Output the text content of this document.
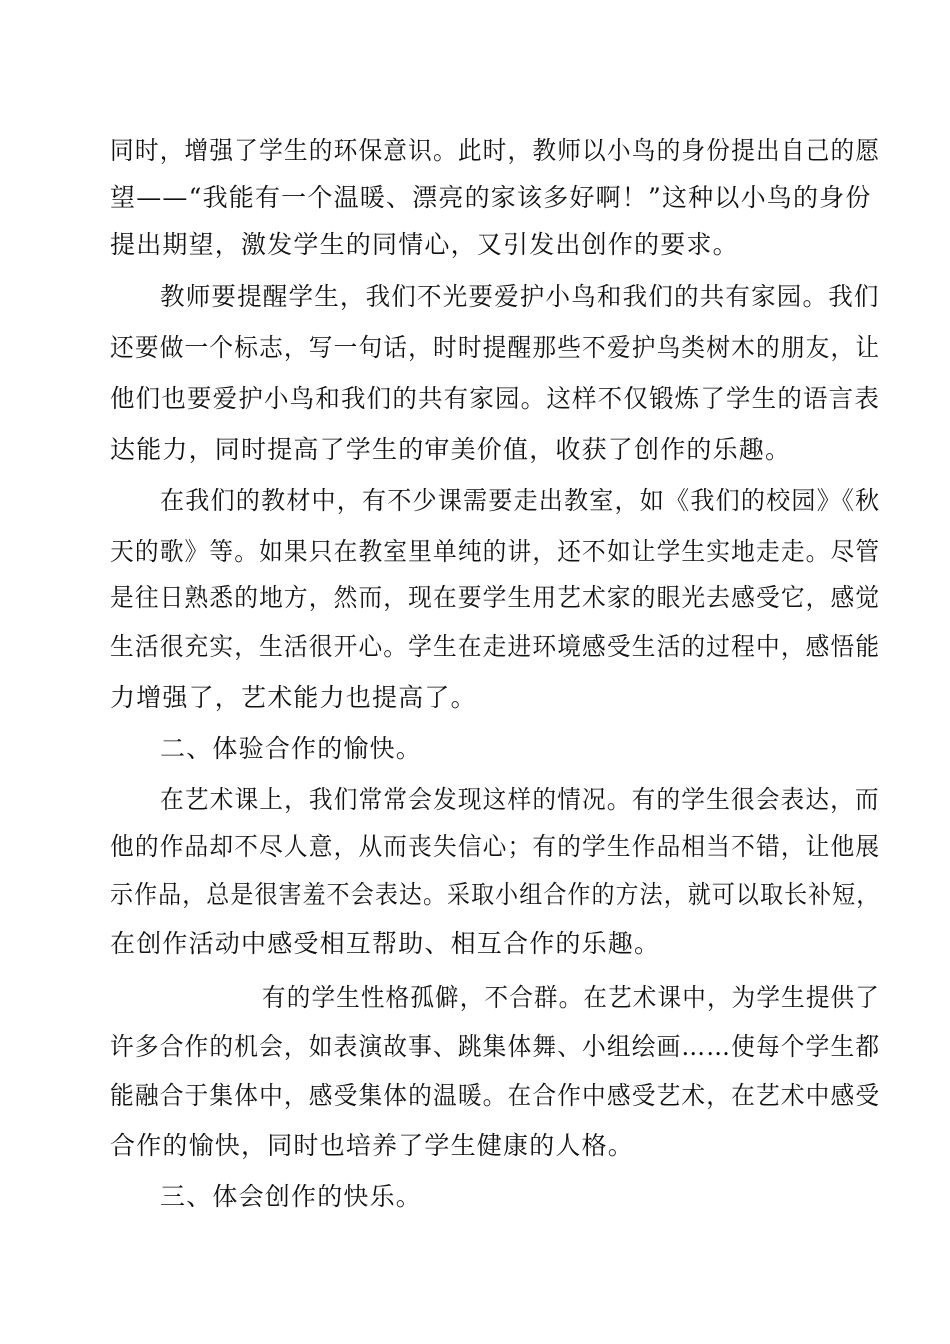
同时，增强了学生的环保意识。此时，教师以小鸟的身份提出自己的愿
望——“我能有一个温暖、漂亮的家该多好啊！”这种以小鸟的身份
提出期望，激发学生的同情心，又引发出创作的要求。
教师要提醒学生，我们不光要爱护小鸟和我们的共有家园。我们
还要做一个标志，写一句话，时时提醒那些不爱护鸟类树木的朋友，让
他们也要爱护小鸟和我们的共有家园。这样不仅锻炼了学生的语言表
达能力，同时提高了学生的审美价值，收获了创作的乐趣。
在我们的教材中，有不少课需要走出教室，如《我们的校园》《秋
天的歌》等。如果只在教室里单纯的讲，还不如让学生实地走走。尽管
是往日熟悉的地方，然而，现在要学生用艺术家的眼光去感受它，感觉
生活很充实，生活很开心。学生在走进环境感受生活的过程中，感悟能
力增强了，艺术能力也提高了。
二、体验合作的愉快。
在艺术课上，我们常常会发现这样的情况。有的学生很会表达，而
他的作品却不尽人意，从而丧失信心；有的学生作品相当不错，让他展
示作品，总是很害羞不会表达。采取小组合作的方法，就可以取长补短，
在创作活动中感受相互帮助、相互合作的乐趣。
有的学生性格孤僻，不合群。在艺术课中，为学生提供了
许多合作的机会，如表演故事、跳集体舞、小组绘画……使每个学生都
能融合于集体中，感受集体的温暖。在合作中感受艺术，在艺术中感受
合作的愉快，同时也培养了学生健康的人格。
三、体会创作的快乐。
